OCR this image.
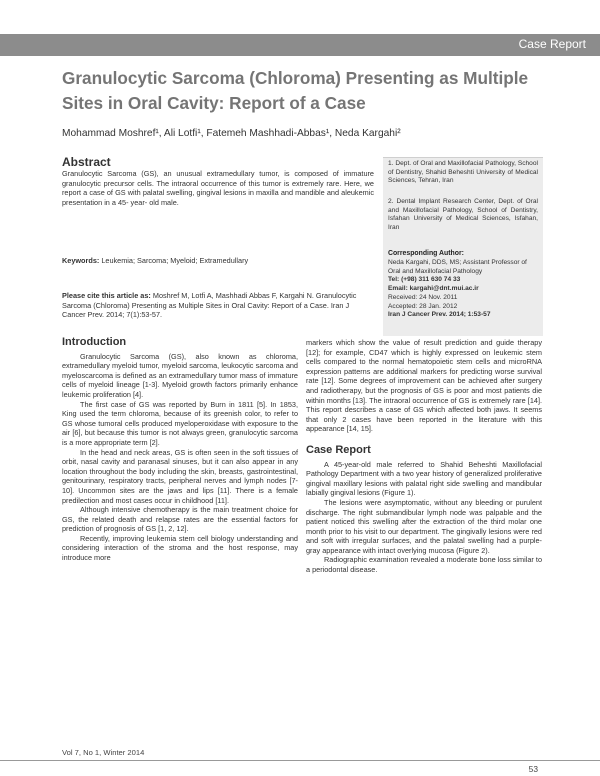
Case Report
Granulocytic Sarcoma (Chloroma) Presenting as Multiple Sites in Oral Cavity: Report of a Case

Mohammad Moshref¹, Ali Lotfi¹, Fatemeh Mashhadi-Abbas¹, Neda Kargahi²

Abstract

Granulocytic Sarcoma (GS), an unusual extramedullary tumor, is composed of immature granulocytic precursor cells. The intraoral occurrence of this tumor is extremely rare. Here, we report a case of GS with palatal swelling, gingival lesions in maxilla and mandible and aleukemic presentation in a 45- year- old male.

Keywords: Leukemia; Sarcoma; Myeloid; Extramedullary

Please cite this article as: Moshref M, Lotfi A, Mashhadi Abbas F, Kargahi N. Granulocytic Sarcoma (Chloroma) Presenting as Multiple Sites in Oral Cavity: Report of a Case. Iran J Cancer Prev. 2014; 7(1):53-57.

1. Dept. of Oral and Maxillofacial Pathology, School of Dentistry, Shahid Beheshti University of Medical Sciences, Tehran, Iran

2. Dental Implant Research Center, Dept. of Oral and Maxillofacial Pathology, School of Dentistry, Isfahan University of Medical Sciences, Isfahan, Iran

Corresponding Author:

Neda Kargahi, DDS, MS; Assistant Professor of Oral and Maxillofacial Pathology

Tel: (+98) 311 630 74 33

Email: kargahi@dnt.mui.ac.ir

Received: 24 Nov. 2011

Accepted: 28 Jan. 2012

Iran J Cancer Prev. 2014; 1:53-57

Introduction

Granulocytic Sarcoma (GS), also known as chloroma, extramedullary myeloid tumor, myeloid sarcoma, leukocytic sarcoma and myeloscarcoma is defined as an extramedullary tumor mass of immature cells of myeloid lineage [1-3]. Myeloid growth factors primarily enhance leukemic proliferation [4].

The first case of GS was reported by Burn in 1811 [5]. In 1853, King used the term chloroma, because of its greenish color, to refer to GS whose tumoral cells produced myeloperoxidase with exposure to the air [6], but because this tumor is not always green, granulocytic sarcoma is a more appropriate term [2].

In the head and neck areas, GS is often seen in the soft tissues of orbit, nasal cavity and paranasal sinuses, but it can also appear in any location throughout the body including the skin, breasts, gastrointestinal, genitourinary, respiratory tracts, peripheral nerves and lymph nodes [7-10]. Uncommon sites are the jaws and lips [11]. There is a female predilection and most cases occur in childhood [11].

Although intensive chemotherapy is the main treatment choice for GS, the related death and relapse rates are the essential factors for prediction of prognosis of GS [1, 2, 12].

Recently, improving leukemia stem cell biology understanding and considering interaction of the stroma and the host response, may introduce more

markers which show the value of result prediction and guide therapy [12]; for example, CD47 which is highly expressed on leukemic stem cells compared to the normal hematopoietic stem cells and microRNA expression patterns are additional markers for predicting worse survival rate [12]. Some degrees of improvement can be achieved after surgery and radiotherapy, but the prognosis of GS is poor and most patients die within months [13]. The intraoral occurrence of GS is extremely rare [14]. This report describes a case of GS which affected both jaws. It seems that only 2 cases have been reported in the literature with this appearance [14, 15].

Case Report

A 45-year-old male referred to Shahid Beheshti Maxillofacial Pathology Department with a two year history of generalized proliferative gingival maxillary lesions with palatal right side swelling and mandibular labially gingival lesions (Figure 1).

The lesions were asymptomatic, without any bleeding or purulent discharge. The right submandibular lymph node was palpable and the patient noticed this swelling after the extraction of the third molar one month prior to his visit to our department. The gingivally lesions were red and soft with irregular surfaces, and the palatal swelling had a purple-gray appearance with intact overlying mucosa (Figure 2).

Radiographic examination revealed a moderate bone loss similar to a periodontal disease.

Vol 7, No 1, Winter 2014

53
